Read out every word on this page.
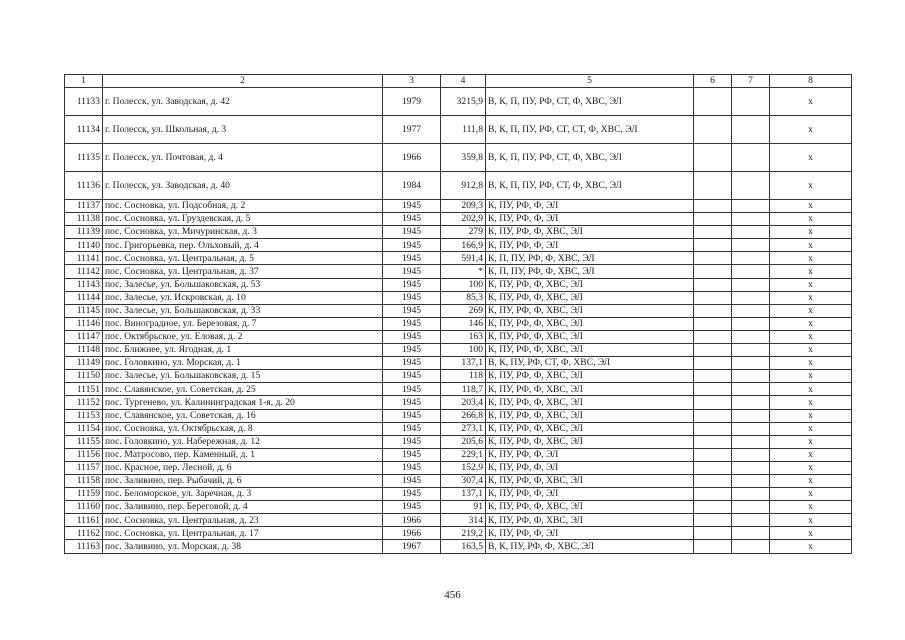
1	2	3	4	5	6	7	8
11133	г. Полесск, ул. Заводская, д. 42	1979	3215,9	В, К, П, ПУ, РФ, СТ, Ф, ХВС, ЭЛ			х
11134	г. Полесск, ул. Школьная, д. 3	1977	111,8	В, К, П, ПУ, РФ, СГ, СТ, Ф, ХВС, ЭЛ			х
11135	г. Полесск, ул. Почтовая, д. 4	1966	359,8	В, К, П, ПУ, РФ, СТ, Ф, ХВС, ЭЛ			х
11136	г. Полесск, ул. Заводская, д. 40	1984	912,8	В, К, П, ПУ, РФ, СТ, Ф, ХВС, ЭЛ			х
11137	пос. Сосновка, ул. Подсобная, д. 2	1945	209,3	К, ПУ, РФ, Ф, ЭЛ			х
11138	пос. Сосновка, ул. Груздевская, д. 5	1945	202,9	К, ПУ, РФ, Ф, ЭЛ			х
11139	пос. Сосновка, ул. Мичуринская, д. 3	1945	279	К, ПУ, РФ, Ф, ХВС, ЭЛ			х
11140	пос. Григорьевка, пер. Ольховый, д. 4	1945	166,9	К, ПУ, РФ, Ф, ЭЛ			х
11141	пос. Сосновка, ул. Центральная, д. 5	1945	591,4	К, П, ПУ, РФ, Ф, ХВС, ЭЛ			х
11142	пос. Сосновка, ул. Центральная, д. 37	1945	*	К, П, ПУ, РФ, Ф, ХВС, ЭЛ			х
11143	пос. Залесье, ул. Большаковская, д. 53	1945	100	К, ПУ, РФ, Ф, ХВС, ЭЛ			х
11144	пос. Залесье, ул. Искровская, д. 10	1945	85,3	К, ПУ, РФ, Ф, ХВС, ЭЛ			х
11145	пос. Залесье, ул. Большаковская, д. 33	1945	269	К, ПУ, РФ, Ф, ХВС, ЭЛ			х
11146	пос. Виноградное, ул. Березовая, д. 7	1945	146	К, ПУ, РФ, Ф, ХВС, ЭЛ			х
11147	пос. Октябрьское, ул. Еловая, д. 2	1945	163	К, ПУ, РФ, Ф, ХВС, ЭЛ			х
11148	пос. Ближнее, ул. Ягодная, д. 1	1945	100	К, ПУ, РФ, Ф, ХВС, ЭЛ			х
11149	пос. Головкино, ул. Морская, д. 1	1945	137,1	В, К, ПУ, РФ, СТ, Ф, ХВС, ЭЛ			х
11150	пос. Залесье, ул. Большаковская, д. 15	1945	118	К, ПУ, РФ, Ф, ХВС, ЭЛ			х
11151	пос. Славянское, ул. Советская, д. 25	1945	118,7	К, ПУ, РФ, Ф, ХВС, ЭЛ			х
11152	пос. Тургенево, ул. Калининградская 1-я, д. 20	1945	203,4	К, ПУ, РФ, Ф, ХВС, ЭЛ			х
11153	пос. Славянское, ул. Советская, д. 16	1945	266,8	К, ПУ, РФ, Ф, ХВС, ЭЛ			х
11154	пос. Сосновка, ул. Октябрьская, д. 8	1945	273,1	К, ПУ, РФ, Ф, ХВС, ЭЛ			х
11155	пос. Головкино, ул. Набережная, д. 12	1945	205,6	К, ПУ, РФ, Ф, ХВС, ЭЛ			х
11156	пос. Матросово, пер. Каменный, д. 1	1945	229,1	К, ПУ, РФ, Ф, ЭЛ			х
11157	пос. Красное, пер. Лесной, д. 6	1945	152,9	К, ПУ, РФ, Ф, ЭЛ			х
11158	пос. Заливино, пер. Рыбачий, д. 6	1945	307,4	К, ПУ, РФ, Ф, ХВС, ЭЛ			х
11159	пос. Беломорское, ул. Заречная, д. 3	1945	137,1	К, ПУ, РФ, Ф, ЭЛ			х
11160	пос. Заливино, пер. Береговой, д. 4	1945	91	К, ПУ, РФ, Ф, ХВС, ЭЛ			х
11161	пос. Сосновка, ул. Центральная, д. 23	1966	314	К, ПУ, РФ, Ф, ХВС, ЭЛ			х
11162	пос. Сосновка, ул. Центральная, д. 17	1966	219,2	К, ПУ, РФ, Ф, ЭЛ			х
11163	пос. Заливино, ул. Морская, д. 38	1967	163,5	В, К, ПУ, РФ, Ф, ХВС, ЭЛ			х
456
